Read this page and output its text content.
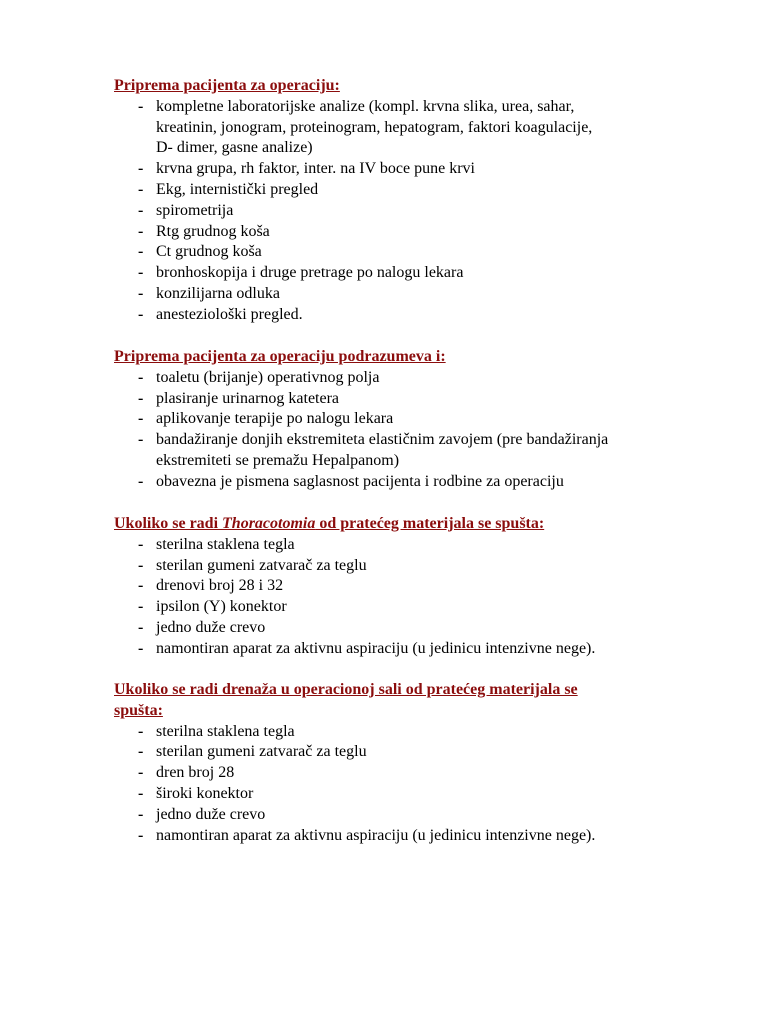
Priprema pacijenta za operaciju:

- kompletne laboratorijske analize (kompl. krvna slika, urea, sahar,
kreatinin, jonogram, proteinogram, hepatogram, faktori koagulacije,
D- dimer, gasne analize)
- krvna grupa, rh faktor, inter. na IV boce pune krvi
- Ekg, internistički pregled
- spirometrija
- Rtg grudnog koša
- Ct grudnog koša
- bronhoskopija i druge pretrage po nalogu lekara
- konzilijarna odluka
- anesteziološki pregled.

Priprema pacijenta za operaciju podrazumeva i:

- toaletu (brijanje) operativnog polja
- plasiranje urinarnog katetera
- aplikovanje terapije po nalogu lekara
- bandažiranje donjih ekstremiteta elastičnim zavojem (pre bandažiranja
ekstremiteti se premažu Hepalpanom)
- obavezna je pismena saglasnost pacijenta i rodbine za operaciju

Ukoliko se radi Thoracotomia od pratećeg materijala se spušta:

- sterilna staklena tegla
- sterilan gumeni zatvarač za teglu
- drenovi broj 28 i 32
- ipsilon (Y) konektor
- jedno duže crevo
- namontiran aparat za aktivnu aspiraciju (u jedinicu intenzivne nege).

Ukoliko se radi drenaža u operacionoj sali od pratećeg materijala se
spušta:

- sterilna staklena tegla
- sterilan gumeni zatvarač za teglu
- dren broj 28
- široki konektor
- jedno duže crevo
- namontiran aparat za aktivnu aspiraciju (u jedinicu intenzivne nege).
